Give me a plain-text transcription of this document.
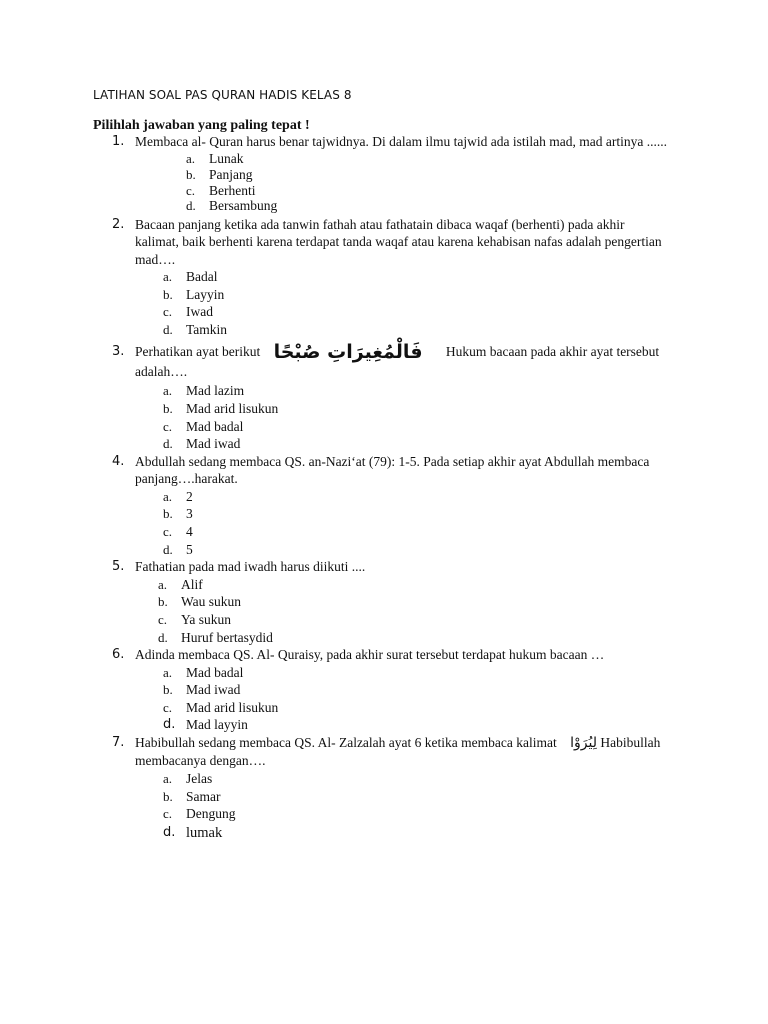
LATIHAN SOAL PAS QURAN HADIS KELAS 8
Pilihlah jawaban yang paling tepat !
1. Membaca al- Quran harus benar tajwidnya. Di dalam ilmu tajwid ada istilah mad, mad artinya ......
a. Lunak
b. Panjang
c. Berhenti
d. Bersambung
2. Bacaan panjang ketika ada tanwin fathah atau fathatain dibaca waqaf (berhenti) pada akhir kalimat, baik berhenti karena terdapat tanda waqaf atau karena kehabisan nafas adalah pengertian mad….
a. Badal
b. Layyin
c. Iwad
d. Tamkin
3. Perhatikan ayat berikut فَالْمُغِيرَاتِ صُبْحًا Hukum bacaan pada akhir ayat tersebut adalah….
a. Mad lazim
b. Mad arid lisukun
c. Mad badal
d. Mad iwad
4. Abdullah sedang membaca QS. an-Nazi‘at (79): 1-5. Pada setiap akhir ayat Abdullah membaca panjang….harakat.
a. 2
b. 3
c. 4
d. 5
5. Fathatian pada mad iwadh harus diikuti ....
a. Alif
b. Wau sukun
c. Ya sukun
d. Huruf bertasydid
6. Adinda membaca QS. Al- Quraisy, pada akhir surat tersebut terdapat hukum bacaan …
a. Mad badal
b. Mad iwad
c. Mad arid lisukun
d. Mad layyin
7. Habibullah sedang membaca QS. Al- Zalzalah ayat 6 ketika membaca kalimat لِيُرَوْا Habibullah membacanya dengan….
a. Jelas
b. Samar
c. Dengung
d. lumak
